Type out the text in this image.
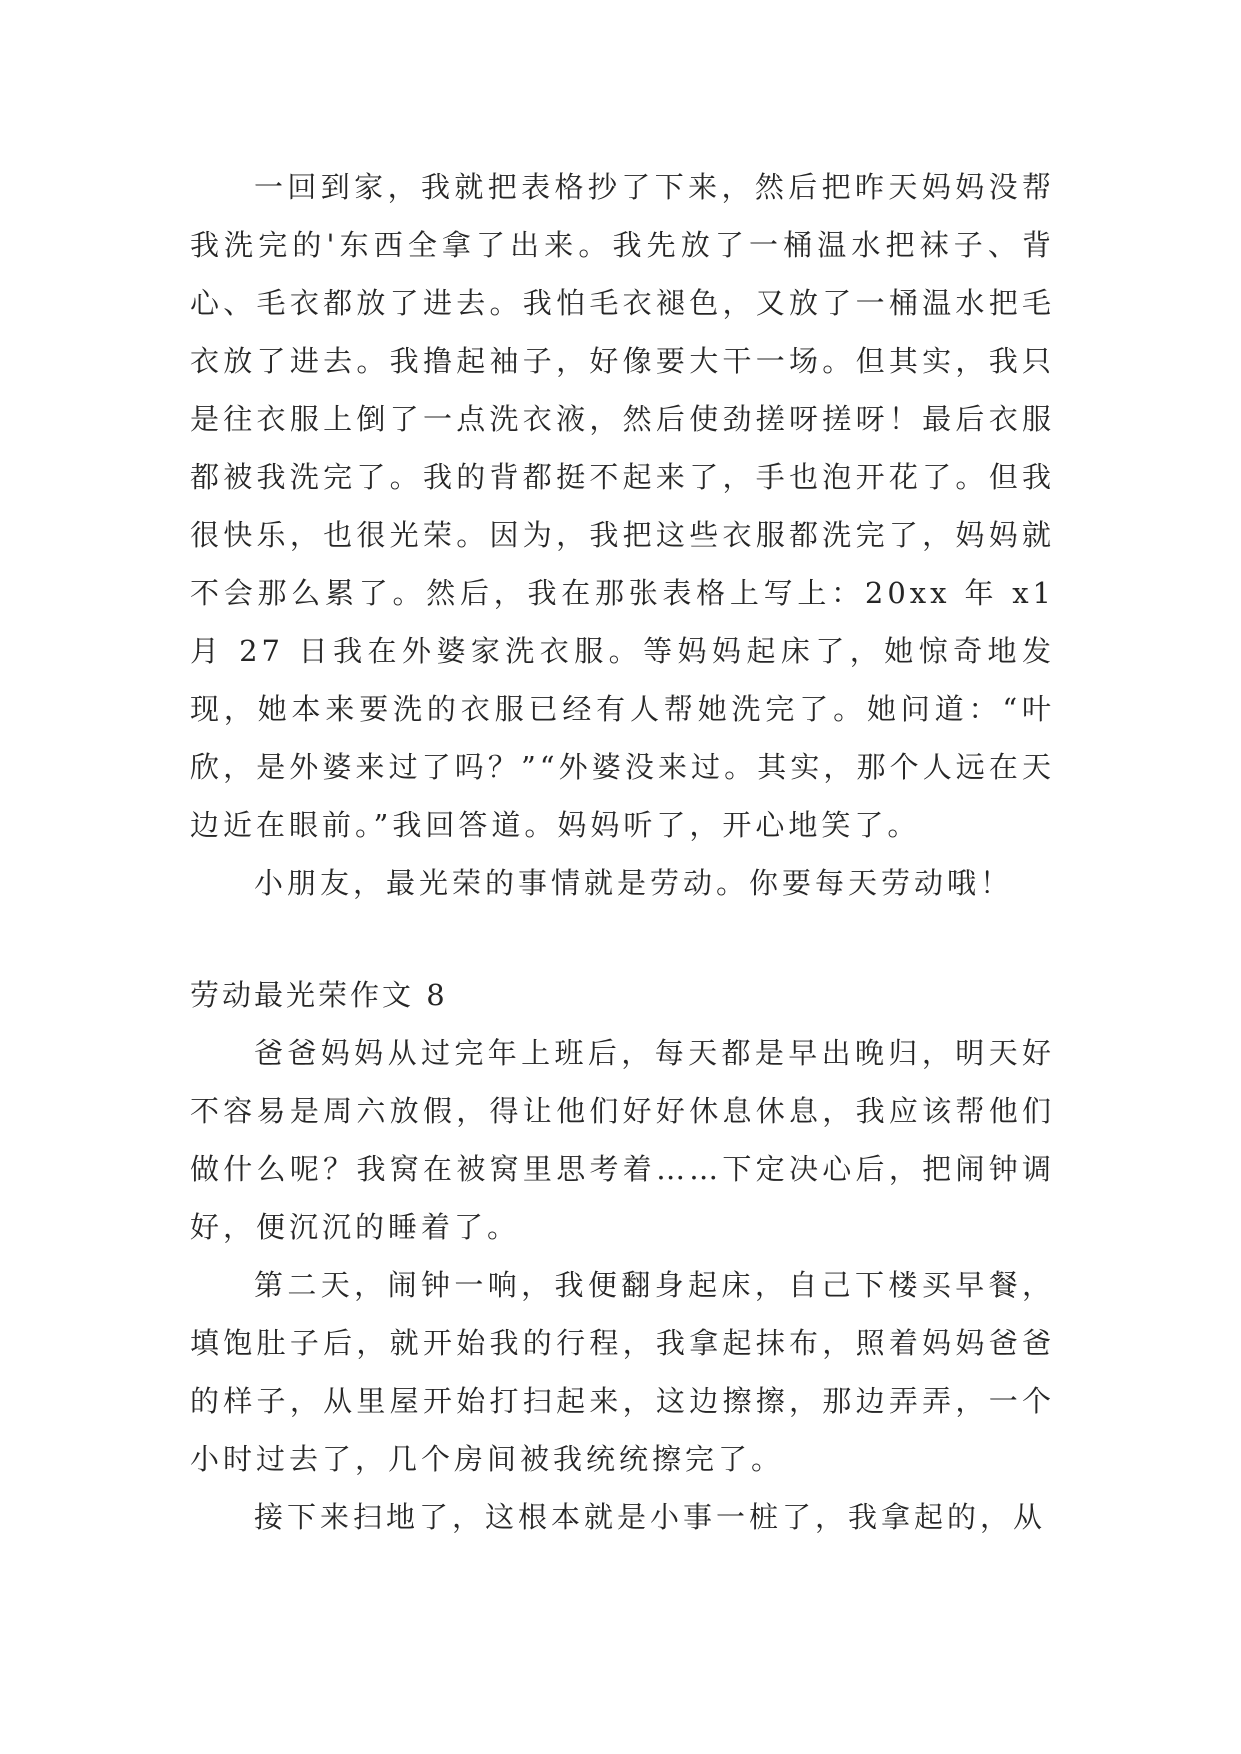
一回到家，我就把表格抄了下来，然后把昨天妈妈没帮我洗完的'东西全拿了出来。我先放了一桶温水把袜子、背心、毛衣都放了进去。我怕毛衣褪色，又放了一桶温水把毛衣放了进去。我撸起袖子，好像要大干一场。但其实，我只是往衣服上倒了一点洗衣液，然后使劲搓呀搓呀！最后衣服都被我洗完了。我的背都挺不起来了，手也泡开花了。但我很快乐，也很光荣。因为，我把这些衣服都洗完了，妈妈就不会那么累了。然后，我在那张表格上写上：20xx 年 x1 月 27 日我在外婆家洗衣服。等妈妈起床了，她惊奇地发现，她本来要洗的衣服已经有人帮她洗完了。她问道：“叶欣，是外婆来过了吗？”“外婆没来过。其实，那个人远在天边近在眼前。”我回答道。妈妈听了，开心地笑了。

小朋友，最光荣的事情就是劳动。你要每天劳动哦！

劳动最光荣作文 8

爸爸妈妈从过完年上班后，每天都是早出晚归，明天好不容易是周六放假，得让他们好好休息休息，我应该帮他们做什么呢？我窝在被窝里思考着……下定决心后，把闹钟调好，便沉沉的睡着了。

第二天，闹钟一响，我便翻身起床，自己下楼买早餐，填饱肚子后，就开始我的行程，我拿起抹布，照着妈妈爸爸的样子，从里屋开始打扫起来，这边擦擦，那边弄弄，一个小时过去了，几个房间被我统统擦完了。

接下来扫地了，这根本就是小事一桩了，我拿起的，从
